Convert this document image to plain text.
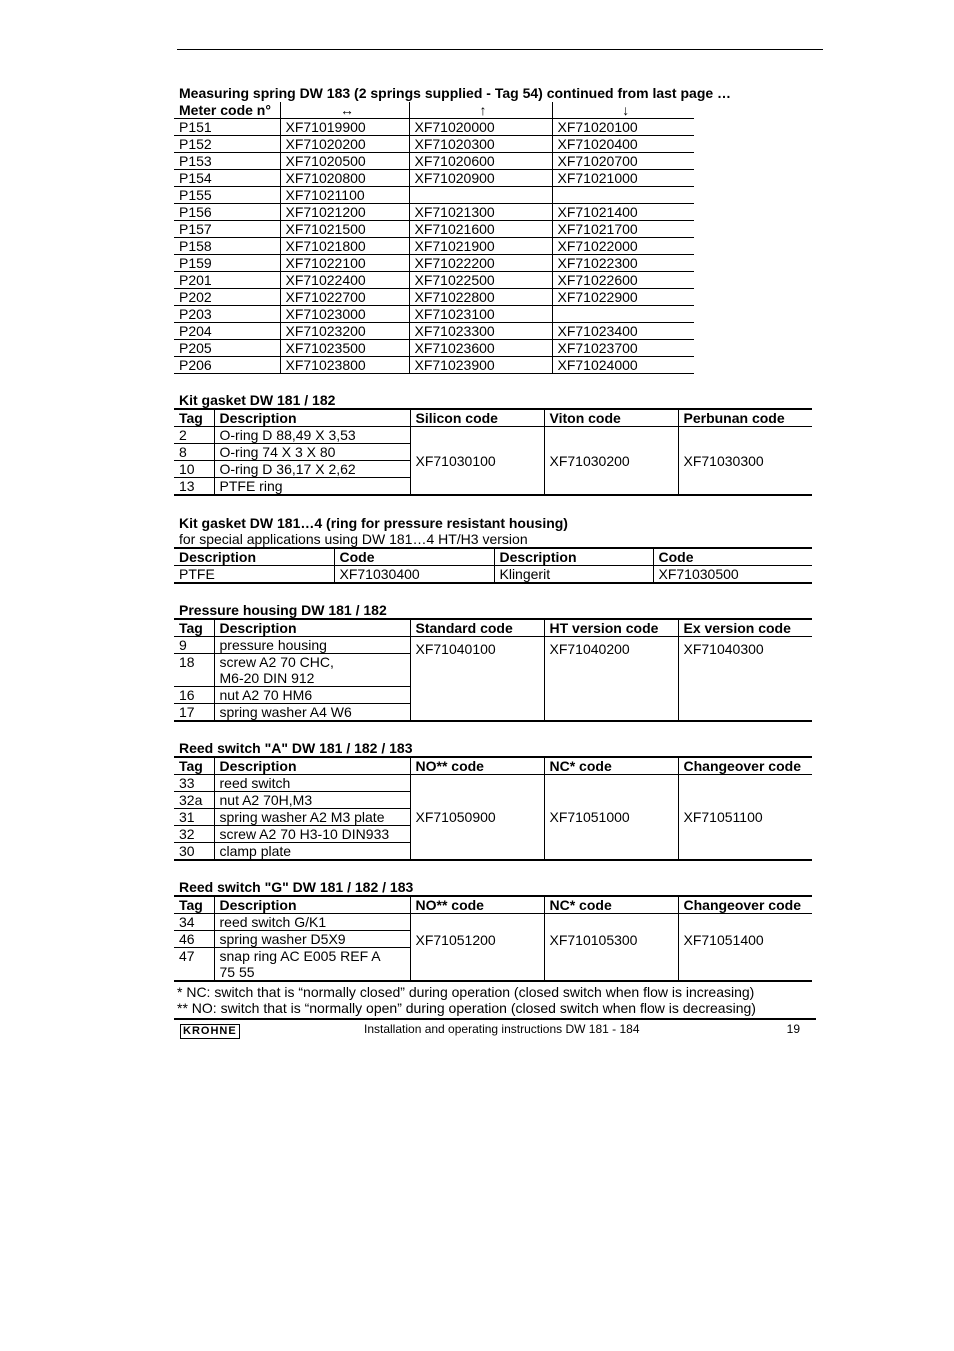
Measuring spring DW 183 (2 springs supplied - Tag 54) continued from last page …
Meter code n°	↔	↑	↓
P151	XF71019900	XF71020000	XF71020100
P152	XF71020200	XF71020300	XF71020400
P153	XF71020500	XF71020600	XF71020700
P154	XF71020800	XF71020900	XF71021000
P155	XF71021100		
P156	XF71021200	XF71021300	XF71021400
P157	XF71021500	XF71021600	XF71021700
P158	XF71021800	XF71021900	XF71022000
P159	XF71022100	XF71022200	XF71022300
P201	XF71022400	XF71022500	XF71022600
P202	XF71022700	XF71022800	XF71022900
P203	XF71023000	XF71023100	
P204	XF71023200	XF71023300	XF71023400
P205	XF71023500	XF71023600	XF71023700
P206	XF71023800	XF71023900	XF71024000
Kit gasket DW 181 / 182
Tag	Description	Silicon code	Viton code	Perbunan code
2	O-ring D 88,49 X 3,53	XF71030100	XF71030200	XF71030300
8	O-ring 74 X 3 X 80			
10	O-ring D 36,17 X 2,62			
13	PTFE ring			
Kit gasket DW 181…4 (ring for pressure resistant housing)
for special applications using DW 181…4 HT/H3 version
Description	Code	Description	Code
PTFE	XF71030400	Klingerit	XF71030500
Pressure housing DW 181 / 182
Tag	Description	Standard code	HT version code	Ex version code
9	pressure housing	XF71040100	XF71040200	XF71040300
18	screw A2 70 CHC,
M6-20 DIN 912			
16	nut A2 70 HM6			
17	spring washer A4 W6			
Reed switch "A" DW 181 / 182 / 183
Tag	Description	NO** code	NC* code	Changeover code
33	reed switch	XF71050900	XF71051000	XF71051100
32a	nut A2 70H,M3			
31	spring washer A2 M3 plate			
32	screw A2 70 H3-10 DIN933			
30	clamp plate			
Reed switch "G" DW 181 / 182 / 183
Tag	Description	NO** code	NC* code	Changeover code
34	reed switch G/K1	XF71051200	XF710105300	XF71051400
46	spring washer D5X9			
47	snap ring AC E005 REF A
75 55			
* NC: switch that is “normally closed” during operation (closed switch when flow is increasing)
** NO: switch that is “normally open” during operation (closed switch when flow is decreasing)
KROHNE	Installation and operating instructions DW 181 - 184	19
